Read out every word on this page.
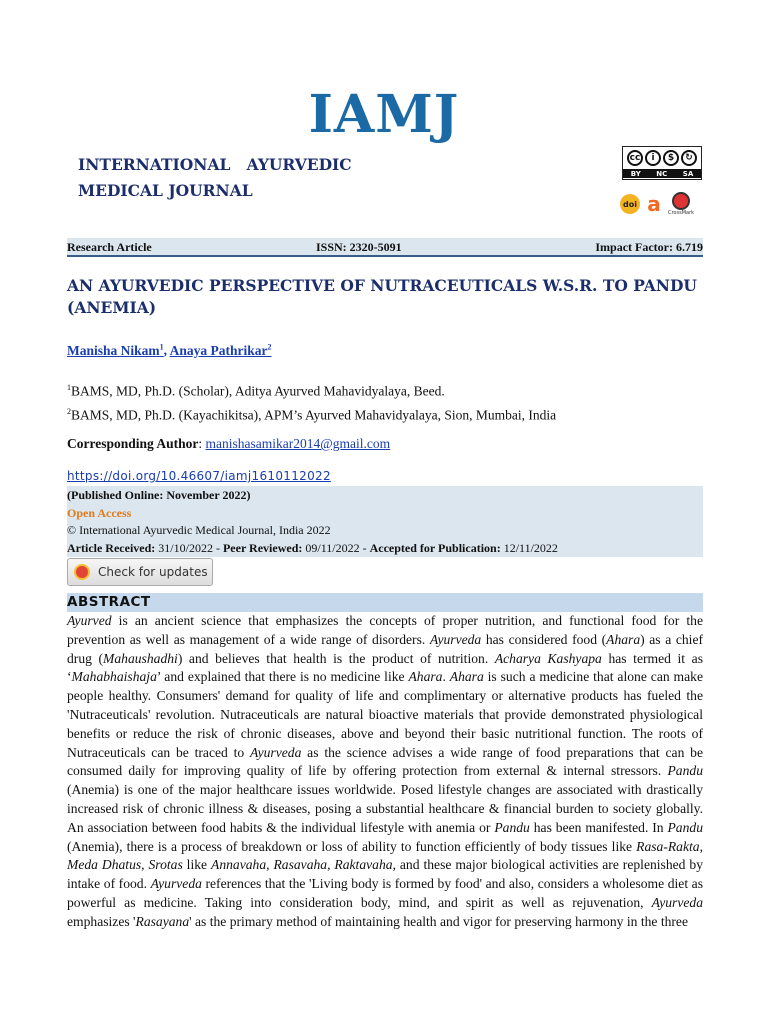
IAMJ
INTERNATIONAL   AYURVEDIC
MEDICAL JOURNAL
cc	i	$	↻
BY NC SA
doi a CrossMark
Research Article	ISSN: 2320-5091	Impact Factor: 6.719
AN AYURVEDIC PERSPECTIVE OF NUTRACEUTICALS W.S.R. TO PANDU (ANEMIA)
Manisha Nikam$^1$, Anaya Pathrikar$^2$
$^1$BAMS, MD, Ph.D. (Scholar), Aditya Ayurved Mahavidyalaya, Beed.
$^2$BAMS, MD, Ph.D. (Kayachikitsa), APM’s Ayurved Mahavidyalaya, Sion, Mumbai, India
Corresponding Author: manishasamikar2014@gmail.com
https://doi.org/10.46607/iamj1610112022
(Published Online: November 2022)
Open Access
© International Ayurvedic Medical Journal, India 2022
Article Received: 31/10/2022 - Peer Reviewed: 09/11/2022 - Accepted for Publication: 12/11/2022
Check for updates
ABSTRACT
Ayurved is an ancient science that emphasizes the concepts of proper nutrition, and functional food for the prevention as well as management of a wide range of disorders. Ayurveda has considered food (Ahara) as a chief drug (Mahaushadhi) and believes that health is the product of nutrition. Acharya Kashyapa has termed it as ‘Mahabhaishaja’ and explained that there is no medicine like Ahara. Ahara is such a medicine that alone can make people healthy. Consumers' demand for quality of life and complimentary or alternative products has fueled the 'Nutraceuticals' revolution. Nutraceuticals are natural bioactive materials that provide demonstrated physiological benefits or reduce the risk of chronic diseases, above and beyond their basic nutritional function. The roots of Nutraceuticals can be traced to Ayurveda as the science advises a wide range of food preparations that can be consumed daily for improving quality of life by offering protection from external & internal stressors. Pandu (Anemia) is one of the major healthcare issues worldwide. Posed lifestyle changes are associated with drastically increased risk of chronic illness & diseases, posing a substantial healthcare & financial burden to society globally. An association between food habits & the individual lifestyle with anemia or Pandu has been manifested. In Pandu (Anemia), there is a process of breakdown or loss of ability to function efficiently of body tissues like Rasa-Rakta, Meda Dhatus, Srotas like Annavaha, Rasavaha, Raktavaha, and these major biological activities are replenished by intake of food. Ayurveda references that the 'Living body is formed by food' and also, considers a wholesome diet as powerful as medicine. Taking into consideration body, mind, and spirit as well as rejuvenation, Ayurveda emphasizes 'Rasayana' as the primary method of maintaining health and vigor for preserving harmony in the three
